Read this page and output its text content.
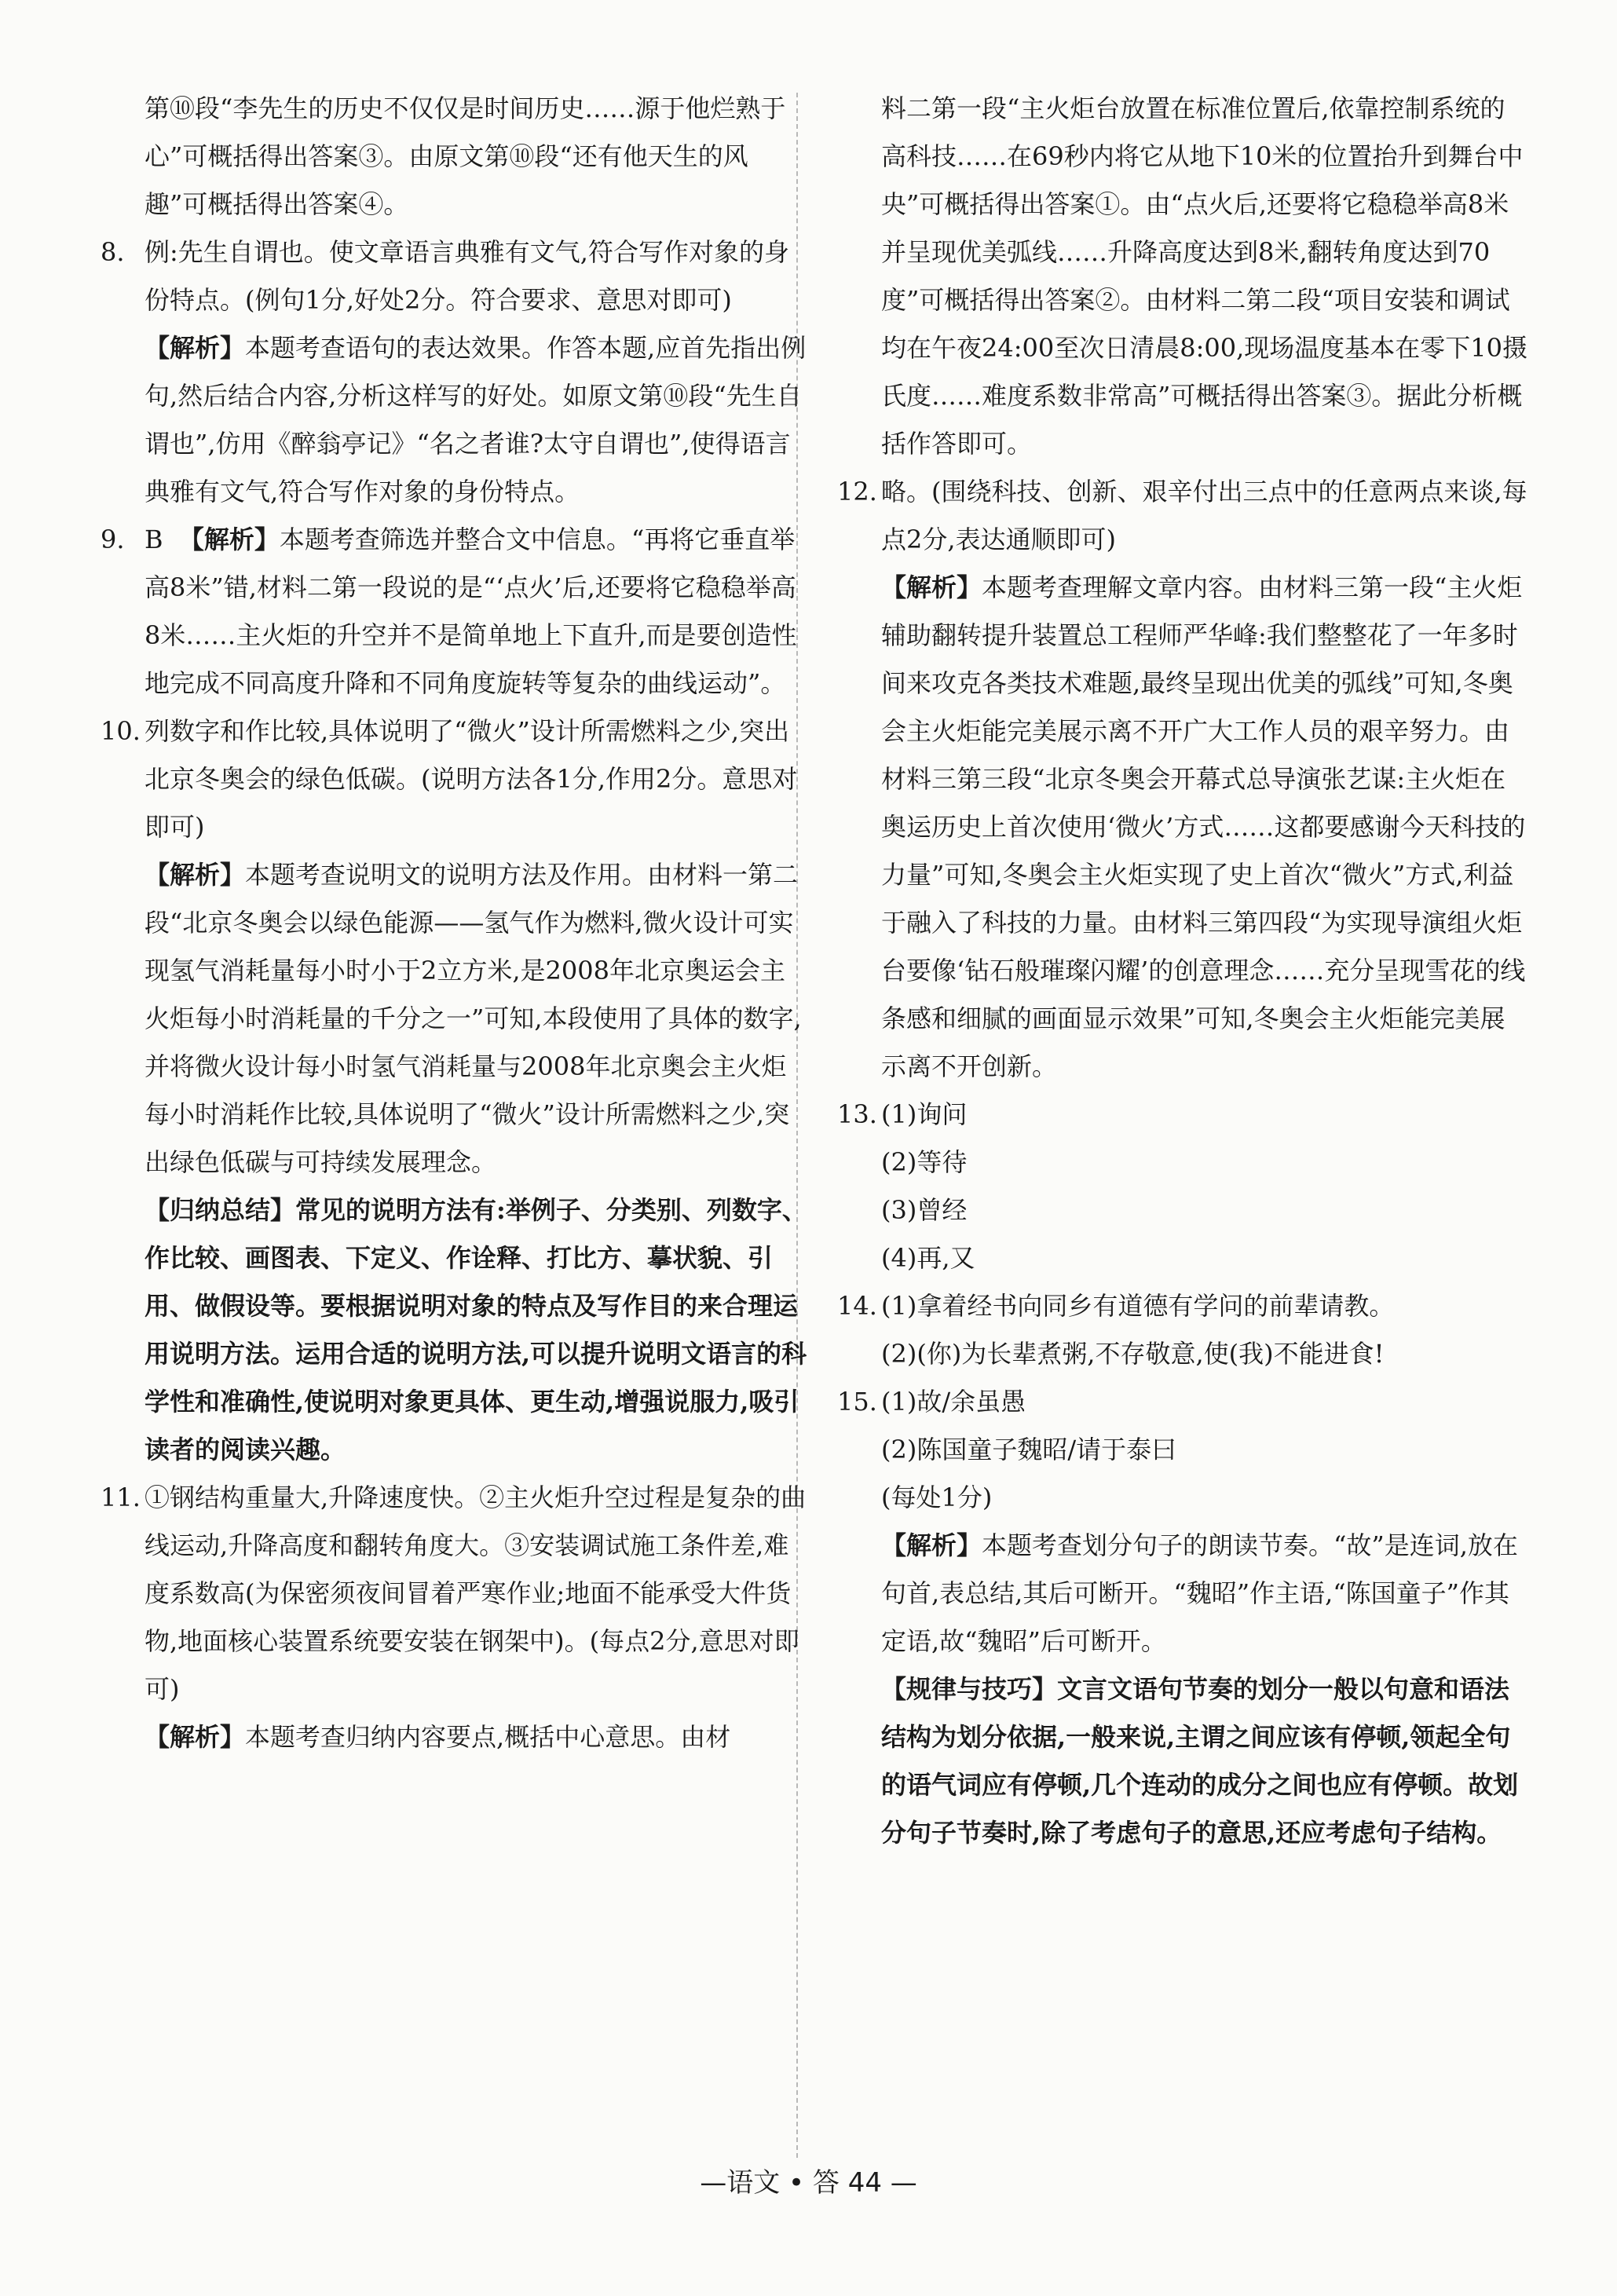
第⑩段“李先生的历史不仅仅是时间历史……源于他烂熟于心”可概括得出答案③。由原文第⑩段“还有他天生的风趣”可概括得出答案④。

8. 例:先生自谓也。使文章语言典雅有文气,符合写作对象的身份特点。(例句1分,好处2分。符合要求、意思对即可)

【解析】本题考查语句的表达效果。作答本题,应首先指出例句,然后结合内容,分析这样写的好处。如原文第⑩段“先生自谓也”,仿用《醉翁亭记》“名之者谁?太守自谓也”,使得语言典雅有文气,符合写作对象的身份特点。

9. B 【解析】本题考查筛选并整合文中信息。“再将它垂直举高8米”错,材料二第一段说的是“‘点火’后,还要将它稳稳举高8米……主火炬的升空并不是简单地上下直升,而是要创造性地完成不同高度升降和不同角度旋转等复杂的曲线运动”。

10. 列数字和作比较,具体说明了“微火”设计所需燃料之少,突出北京冬奥会的绿色低碳。(说明方法各1分,作用2分。意思对即可)

【解析】本题考查说明文的说明方法及作用。由材料一第二段“北京冬奥会以绿色能源——氢气作为燃料,微火设计可实现氢气消耗量每小时小于2立方米,是2008年北京奥运会主火炬每小时消耗量的千分之一”可知,本段使用了具体的数字,并将微火设计每小时氢气消耗量与2008年北京奥会主火炬每小时消耗作比较,具体说明了“微火”设计所需燃料之少,突出绿色低碳与可持续发展理念。

【归纳总结】常见的说明方法有:举例子、分类别、列数字、作比较、画图表、下定义、作诠释、打比方、摹状貌、引用、做假设等。要根据说明对象的特点及写作目的来合理运用说明方法。运用合适的说明方法,可以提升说明文语言的科学性和准确性,使说明对象更具体、更生动,增强说服力,吸引读者的阅读兴趣。

11. ①钢结构重量大,升降速度快。②主火炬升空过程是复杂的曲线运动,升降高度和翻转角度大。③安装调试施工条件差,难度系数高(为保密须夜间冒着严寒作业;地面不能承受大件货物,地面核心装置系统要安装在钢架中)。(每点2分,意思对即可)

【解析】本题考查归纳内容要点,概括中心意思。由材

料二第一段“主火炬台放置在标准位置后,依靠控制系统的高科技……在69秒内将它从地下10米的位置抬升到舞台中央”可概括得出答案①。由“点火后,还要将它稳稳举高8米并呈现优美弧线……升降高度达到8米,翻转角度达到70度”可概括得出答案②。由材料二第二段“项目安装和调试均在午夜24:00至次日清晨8:00,现场温度基本在零下10摄氏度……难度系数非常高”可概括得出答案③。据此分析概括作答即可。

12. 略。(围绕科技、创新、艰辛付出三点中的任意两点来谈,每点2分,表达通顺即可)

【解析】本题考查理解文章内容。由材料三第一段“主火炬辅助翻转提升装置总工程师严华峰:我们整整花了一年多时间来攻克各类技术难题,最终呈现出优美的弧线”可知,冬奥会主火炬能完美展示离不开广大工作人员的艰辛努力。由材料三第三段“北京冬奥会开幕式总导演张艺谋:主火炬在奥运历史上首次使用‘微火’方式……这都要感谢今天科技的力量”可知,冬奥会主火炬实现了史上首次“微火”方式,利益于融入了科技的力量。由材料三第四段“为实现导演组火炬台要像‘钻石般璀璨闪耀’的创意理念……充分呈现雪花的线条感和细腻的画面显示效果”可知,冬奥会主火炬能完美展示离不开创新。

13. (1)询问

(2)等待

(3)曾经

(4)再,又

14. (1)拿着经书向同乡有道德有学问的前辈请教。

(2)(你)为长辈煮粥,不存敬意,使(我)不能进食!

15. (1)故/余虽愚

(2)陈国童子魏昭/请于泰曰

(每处1分)

【解析】本题考查划分句子的朗读节奏。“故”是连词,放在句首,表总结,其后可断开。“魏昭”作主语,“陈国童子”作其定语,故“魏昭”后可断开。

【规律与技巧】文言文语句节奏的划分一般以句意和语法结构为划分依据,一般来说,主谓之间应该有停顿,领起全句的语气词应有停顿,几个连动的成分之间也应有停顿。故划分句子节奏时,除了考虑句子的意思,还应考虑句子结构。

—语文 • 答 44 —
